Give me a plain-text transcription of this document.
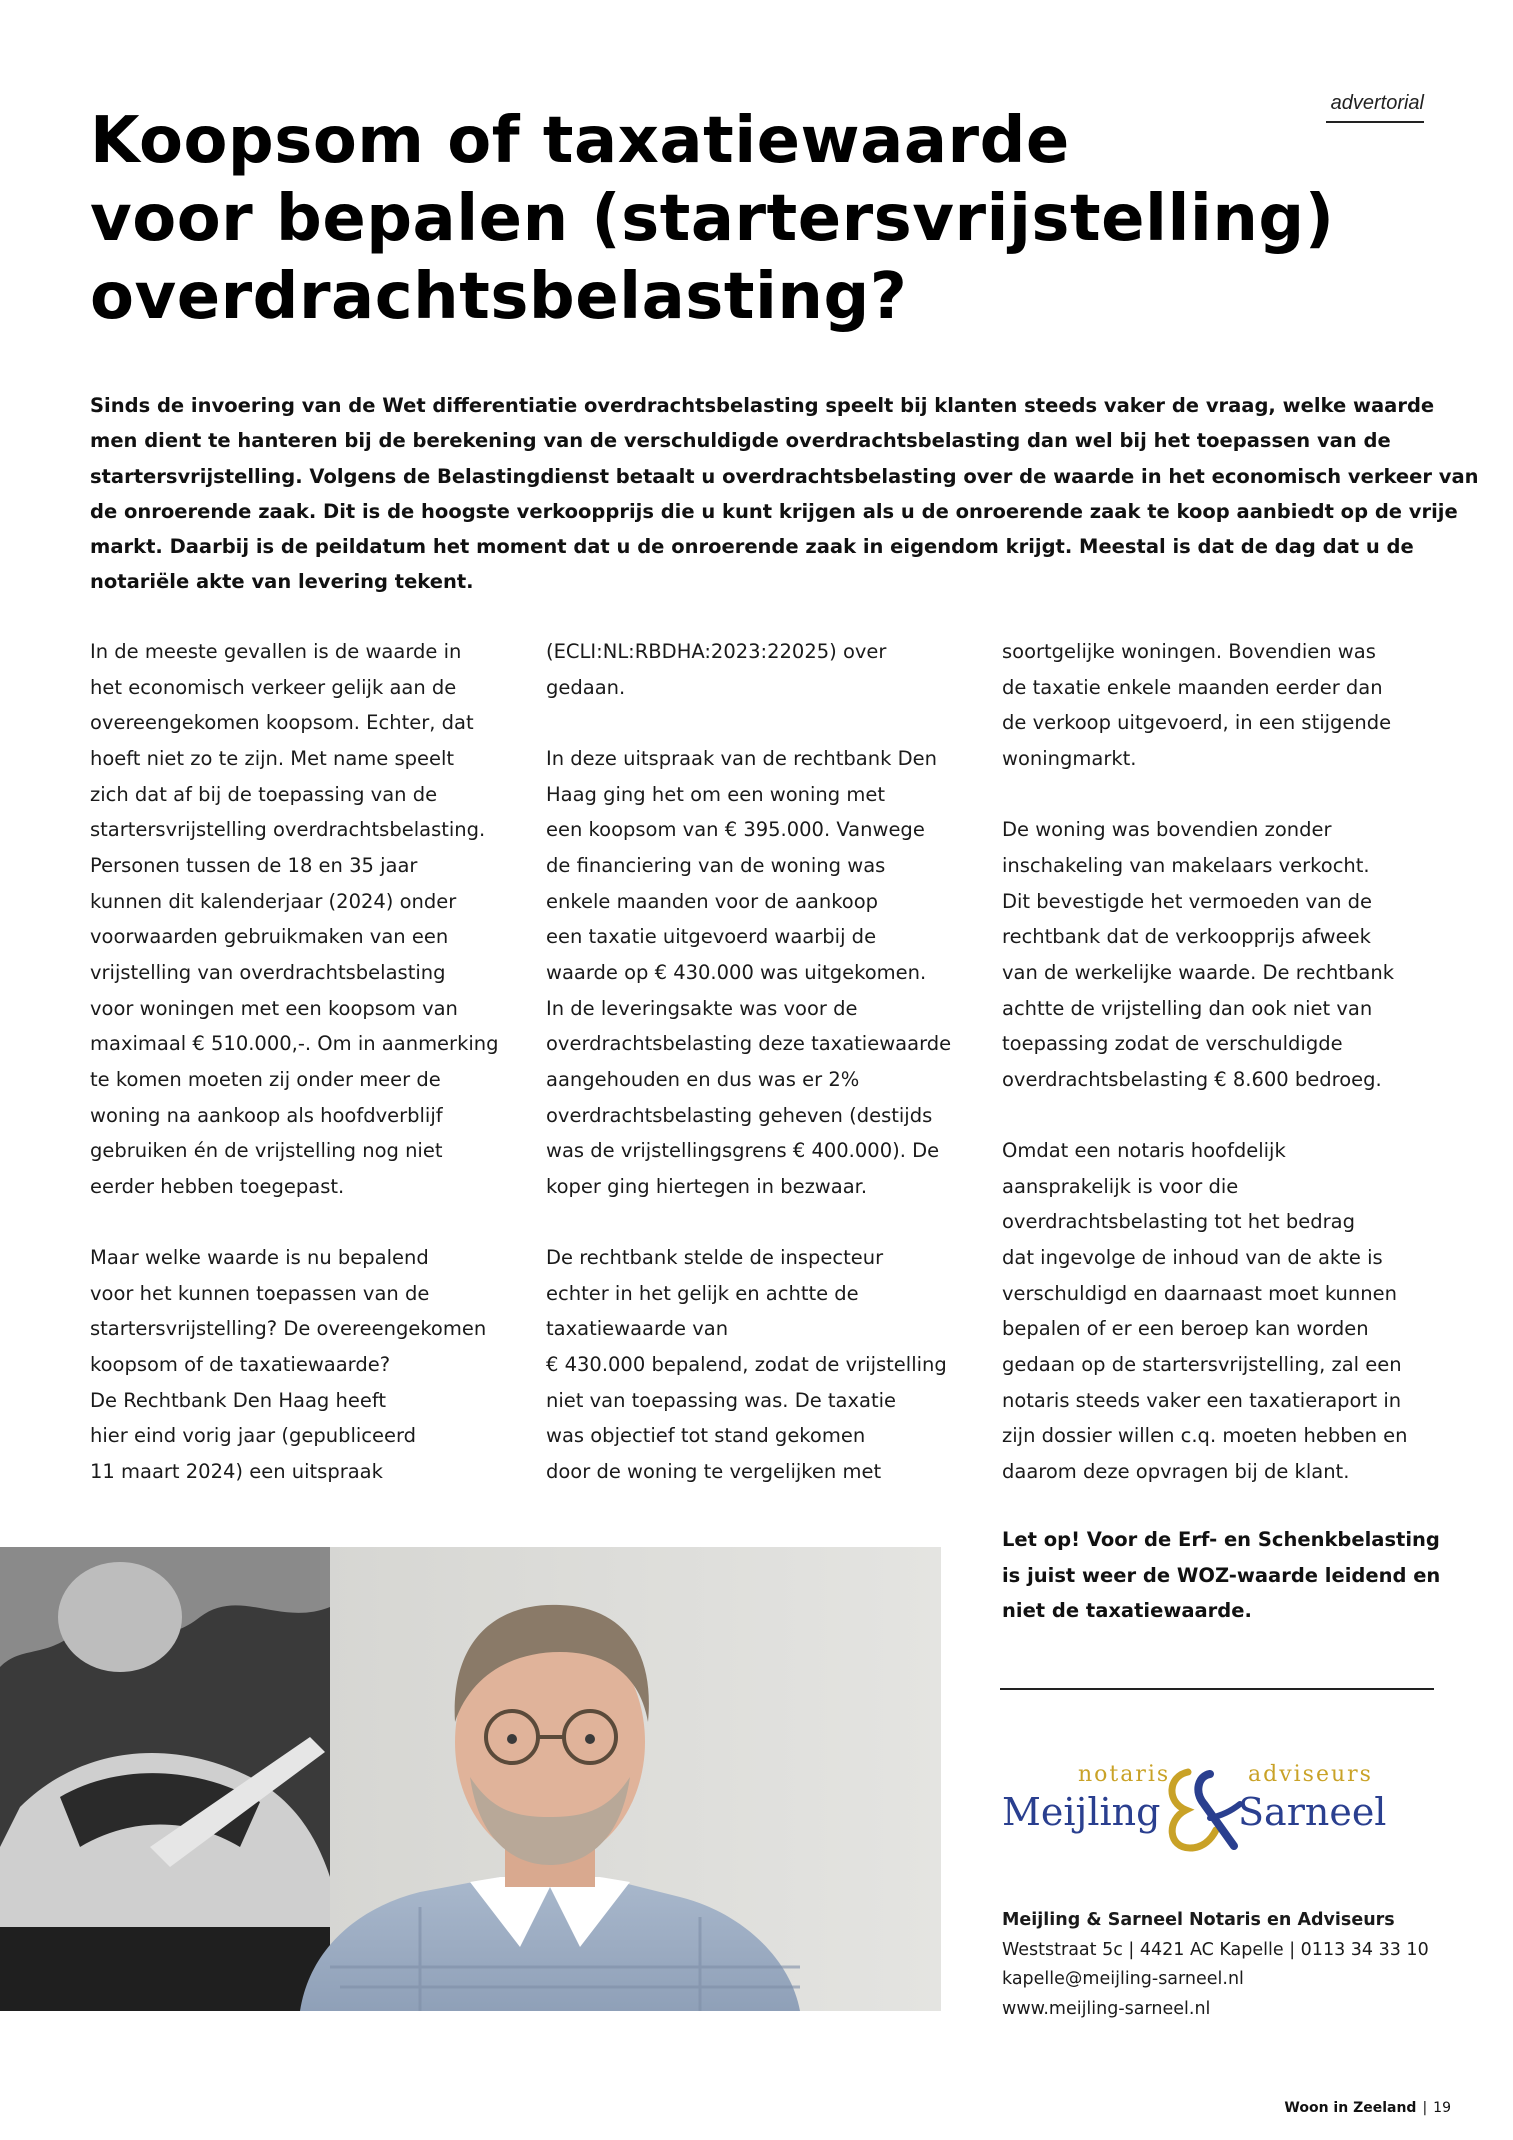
advertorial
Koopsom of taxatiewaarde
voor bepalen (startersvrijstelling)
overdrachtsbelasting?
Sinds de invoering van de Wet differentiatie overdrachtsbelasting speelt bij klanten steeds vaker de vraag, welke waarde
men dient te hanteren bij de berekening van de verschuldigde overdrachtsbelasting dan wel bij het toepassen van de
startersvrijstelling. Volgens de Belastingdienst betaalt u overdrachtsbelasting over de waarde in het economisch verkeer van
de onroerende zaak. Dit is de hoogste verkoopprijs die u kunt krijgen als u de onroerende zaak te koop aanbiedt op de vrije
markt. Daarbij is de peildatum het moment dat u de onroerende zaak in eigendom krijgt. Meestal is dat de dag dat u de
notariële akte van levering tekent.
In de meeste gevallen is de waarde in
het economisch verkeer gelijk aan de
overeengekomen koopsom. Echter, dat
hoeft niet zo te zijn. Met name speelt
zich dat af bij de toepassing van de
startersvrijstelling overdrachtsbelasting.
Personen tussen de 18 en 35 jaar
kunnen dit kalenderjaar (2024) onder
voorwaarden gebruikmaken van een
vrijstelling van overdrachtsbelasting
voor woningen met een koopsom van
maximaal € 510.000,-. Om in aanmerking
te komen moeten zij onder meer de
woning na aankoop als hoofdverblijf
gebruiken én de vrijstelling nog niet
eerder hebben toegepast.
Maar welke waarde is nu bepalend
voor het kunnen toepassen van de
startersvrijstelling? De overeengekomen
koopsom of de taxatiewaarde?
De Rechtbank Den Haag heeft
hier eind vorig jaar (gepubliceerd
11 maart 2024) een uitspraak
(ECLI:NL:RBDHA:2023:22025) over
gedaan.
In deze uitspraak van de rechtbank Den
Haag ging het om een woning met
een koopsom van € 395.000. Vanwege
de financiering van de woning was
enkele maanden voor de aankoop
een taxatie uitgevoerd waarbij de
waarde op € 430.000 was uitgekomen.
In de leveringsakte was voor de
overdrachtsbelasting deze taxatiewaarde
aangehouden en dus was er 2%
overdrachtsbelasting geheven (destijds
was de vrijstellingsgrens € 400.000). De
koper ging hiertegen in bezwaar.
De rechtbank stelde de inspecteur
echter in het gelijk en achtte de
taxatiewaarde van
€ 430.000 bepalend, zodat de vrijstelling
niet van toepassing was. De taxatie
was objectief tot stand gekomen
door de woning te vergelijken met
soortgelijke woningen. Bovendien was
de taxatie enkele maanden eerder dan
de verkoop uitgevoerd, in een stijgende
woningmarkt.
De woning was bovendien zonder
inschakeling van makelaars verkocht.
Dit bevestigde het vermoeden van de
rechtbank dat de verkoopprijs afweek
van de werkelijke waarde. De rechtbank
achtte de vrijstelling dan ook niet van
toepassing zodat de verschuldigde
overdrachtsbelasting € 8.600 bedroeg.
Omdat een notaris hoofdelijk
aansprakelijk is voor die
overdrachtsbelasting tot het bedrag
dat ingevolge de inhoud van de akte is
verschuldigd en daarnaast moet kunnen
bepalen of er een beroep kan worden
gedaan op de startersvrijstelling, zal een
notaris steeds vaker een taxatieraport in
zijn dossier willen c.q. moeten hebben en
daarom deze opvragen bij de klant.
Let op! Voor de Erf- en Schenkbelasting
is juist weer de WOZ-waarde leidend en
niet de taxatiewaarde.
notaris	adviseurs
Meijling Sarneel
Meijling & Sarneel Notaris en Adviseurs
Weststraat 5c | 4421 AC Kapelle | 0113 34 33 10
kapelle@meijling-sarneel.nl
www.meijling-sarneel.nl
Woon in Zeeland | 19
